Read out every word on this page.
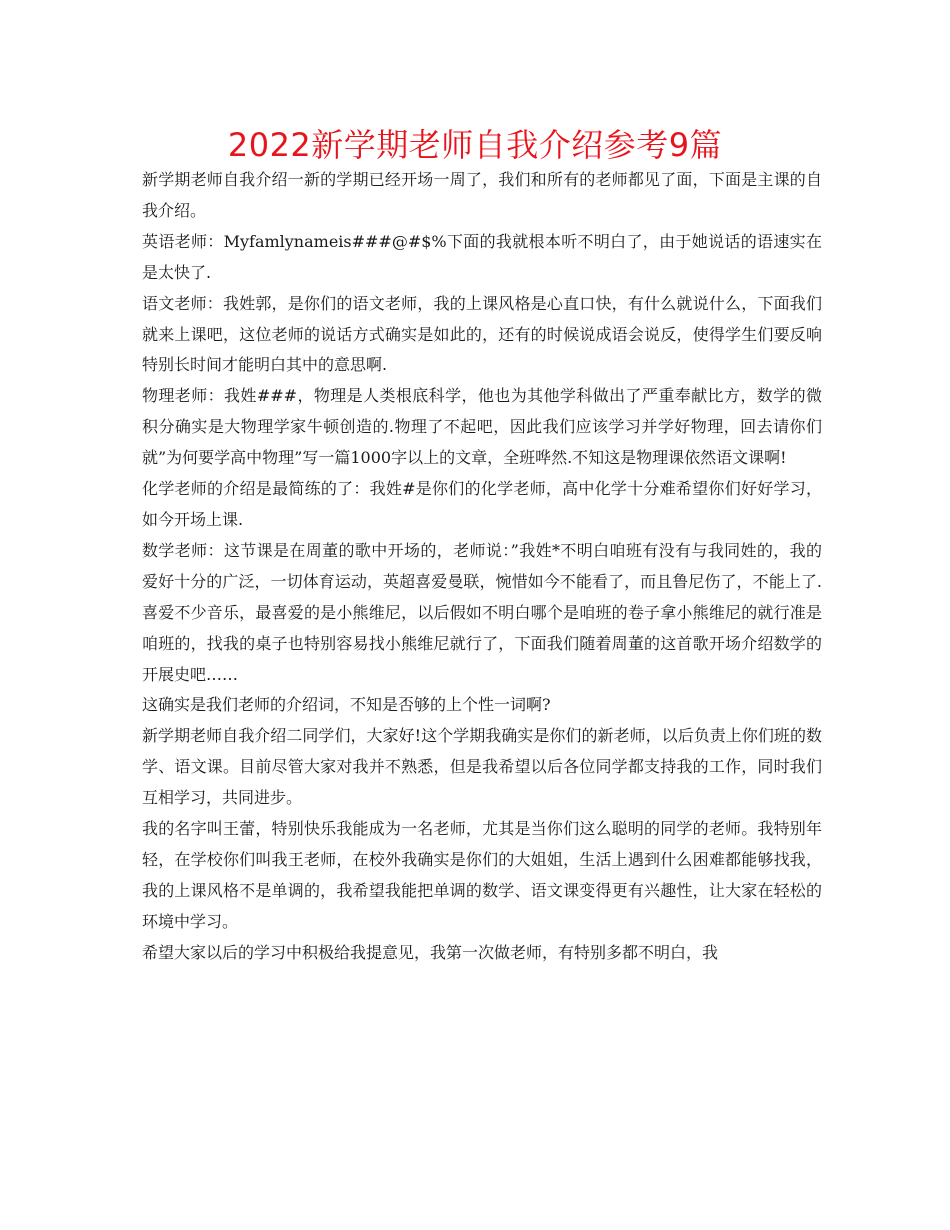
2022新学期老师自我介绍参考9篇

新学期老师自我介绍一新的学期已经开场一周了，我们和所有的老师都见了面，下面是主课的自我介绍。

英语老师：Myfamlynameis###@#$%下面的我就根本听不明白了，由于她说话的语速实在是太快了.

语文老师：我姓郭，是你们的语文老师，我的上课风格是心直口快，有什么就说什么，下面我们就来上课吧，这位老师的说话方式确实是如此的，还有的时候说成语会说反，使得学生们要反响特别长时间才能明白其中的意思啊.

物理老师：我姓###，物理是人类根底科学，他也为其他学科做出了严重奉献比方，数学的微积分确实是大物理学家牛顿创造的.物理了不起吧，因此我们应该学习并学好物理，回去请你们就”为何要学高中物理”写一篇1000字以上的文章，全班哗然.不知这是物理课依然语文课啊!

化学老师的介绍是最简练的了：我姓#是你们的化学老师，高中化学十分难希望你们好好学习，如今开场上课.

数学老师：这节课是在周董的歌中开场的，老师说：”我姓*不明白咱班有没有与我同姓的，我的爱好十分的广泛，一切体育运动，英超喜爱曼联，惋惜如今不能看了，而且鲁尼伤了，不能上了.喜爱不少音乐，最喜爱的是小熊维尼，以后假如不明白哪个是咱班的卷子拿小熊维尼的就行准是咱班的，找我的桌子也特别容易找小熊维尼就行了，下面我们随着周董的这首歌开场介绍数学的开展史吧……

这确实是我们老师的介绍词，不知是否够的上个性一词啊?

新学期老师自我介绍二同学们，大家好!这个学期我确实是你们的新老师，以后负责上你们班的数学、语文课。目前尽管大家对我并不熟悉，但是我希望以后各位同学都支持我的工作，同时我们互相学习，共同进步。

我的名字叫王蕾，特别快乐我能成为一名老师，尤其是当你们这么聪明的同学的老师。我特别年轻，在学校你们叫我王老师，在校外我确实是你们的大姐姐，生活上遇到什么困难都能够找我，我的上课风格不是单调的，我希望我能把单调的数学、语文课变得更有兴趣性，让大家在轻松的环境中学习。

希望大家以后的学习中积极给我提意见，我第一次做老师，有特别多都不明白，我
